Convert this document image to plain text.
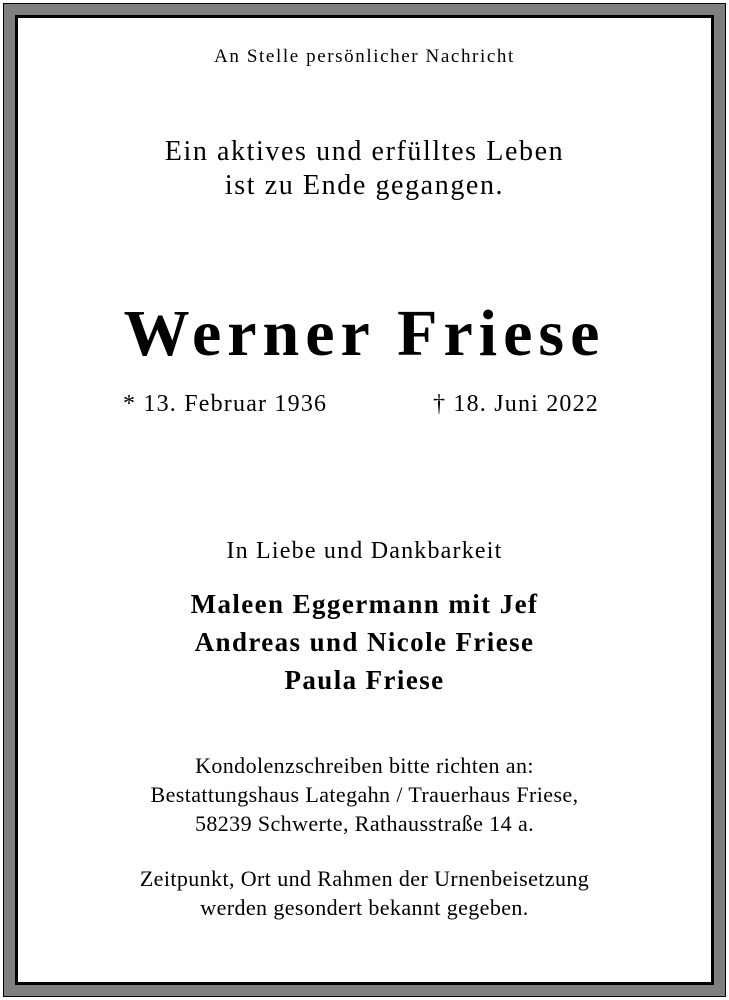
An Stelle persönlicher Nachricht
Ein aktives und erfülltes Leben
ist zu Ende gegangen.
Werner Friese
* 13. Februar 1936	† 18. Juni 2022
In Liebe und Dankbarkeit
Maleen Eggermann mit Jef
Andreas und Nicole Friese
Paula Friese
Kondolenzschreiben bitte richten an:
Bestattungshaus Lategahn / Trauerhaus Friese,
58239 Schwerte, Rathausstraße 14 a.
Zeitpunkt, Ort und Rahmen der Urnenbeisetzung
werden gesondert bekannt gegeben.
